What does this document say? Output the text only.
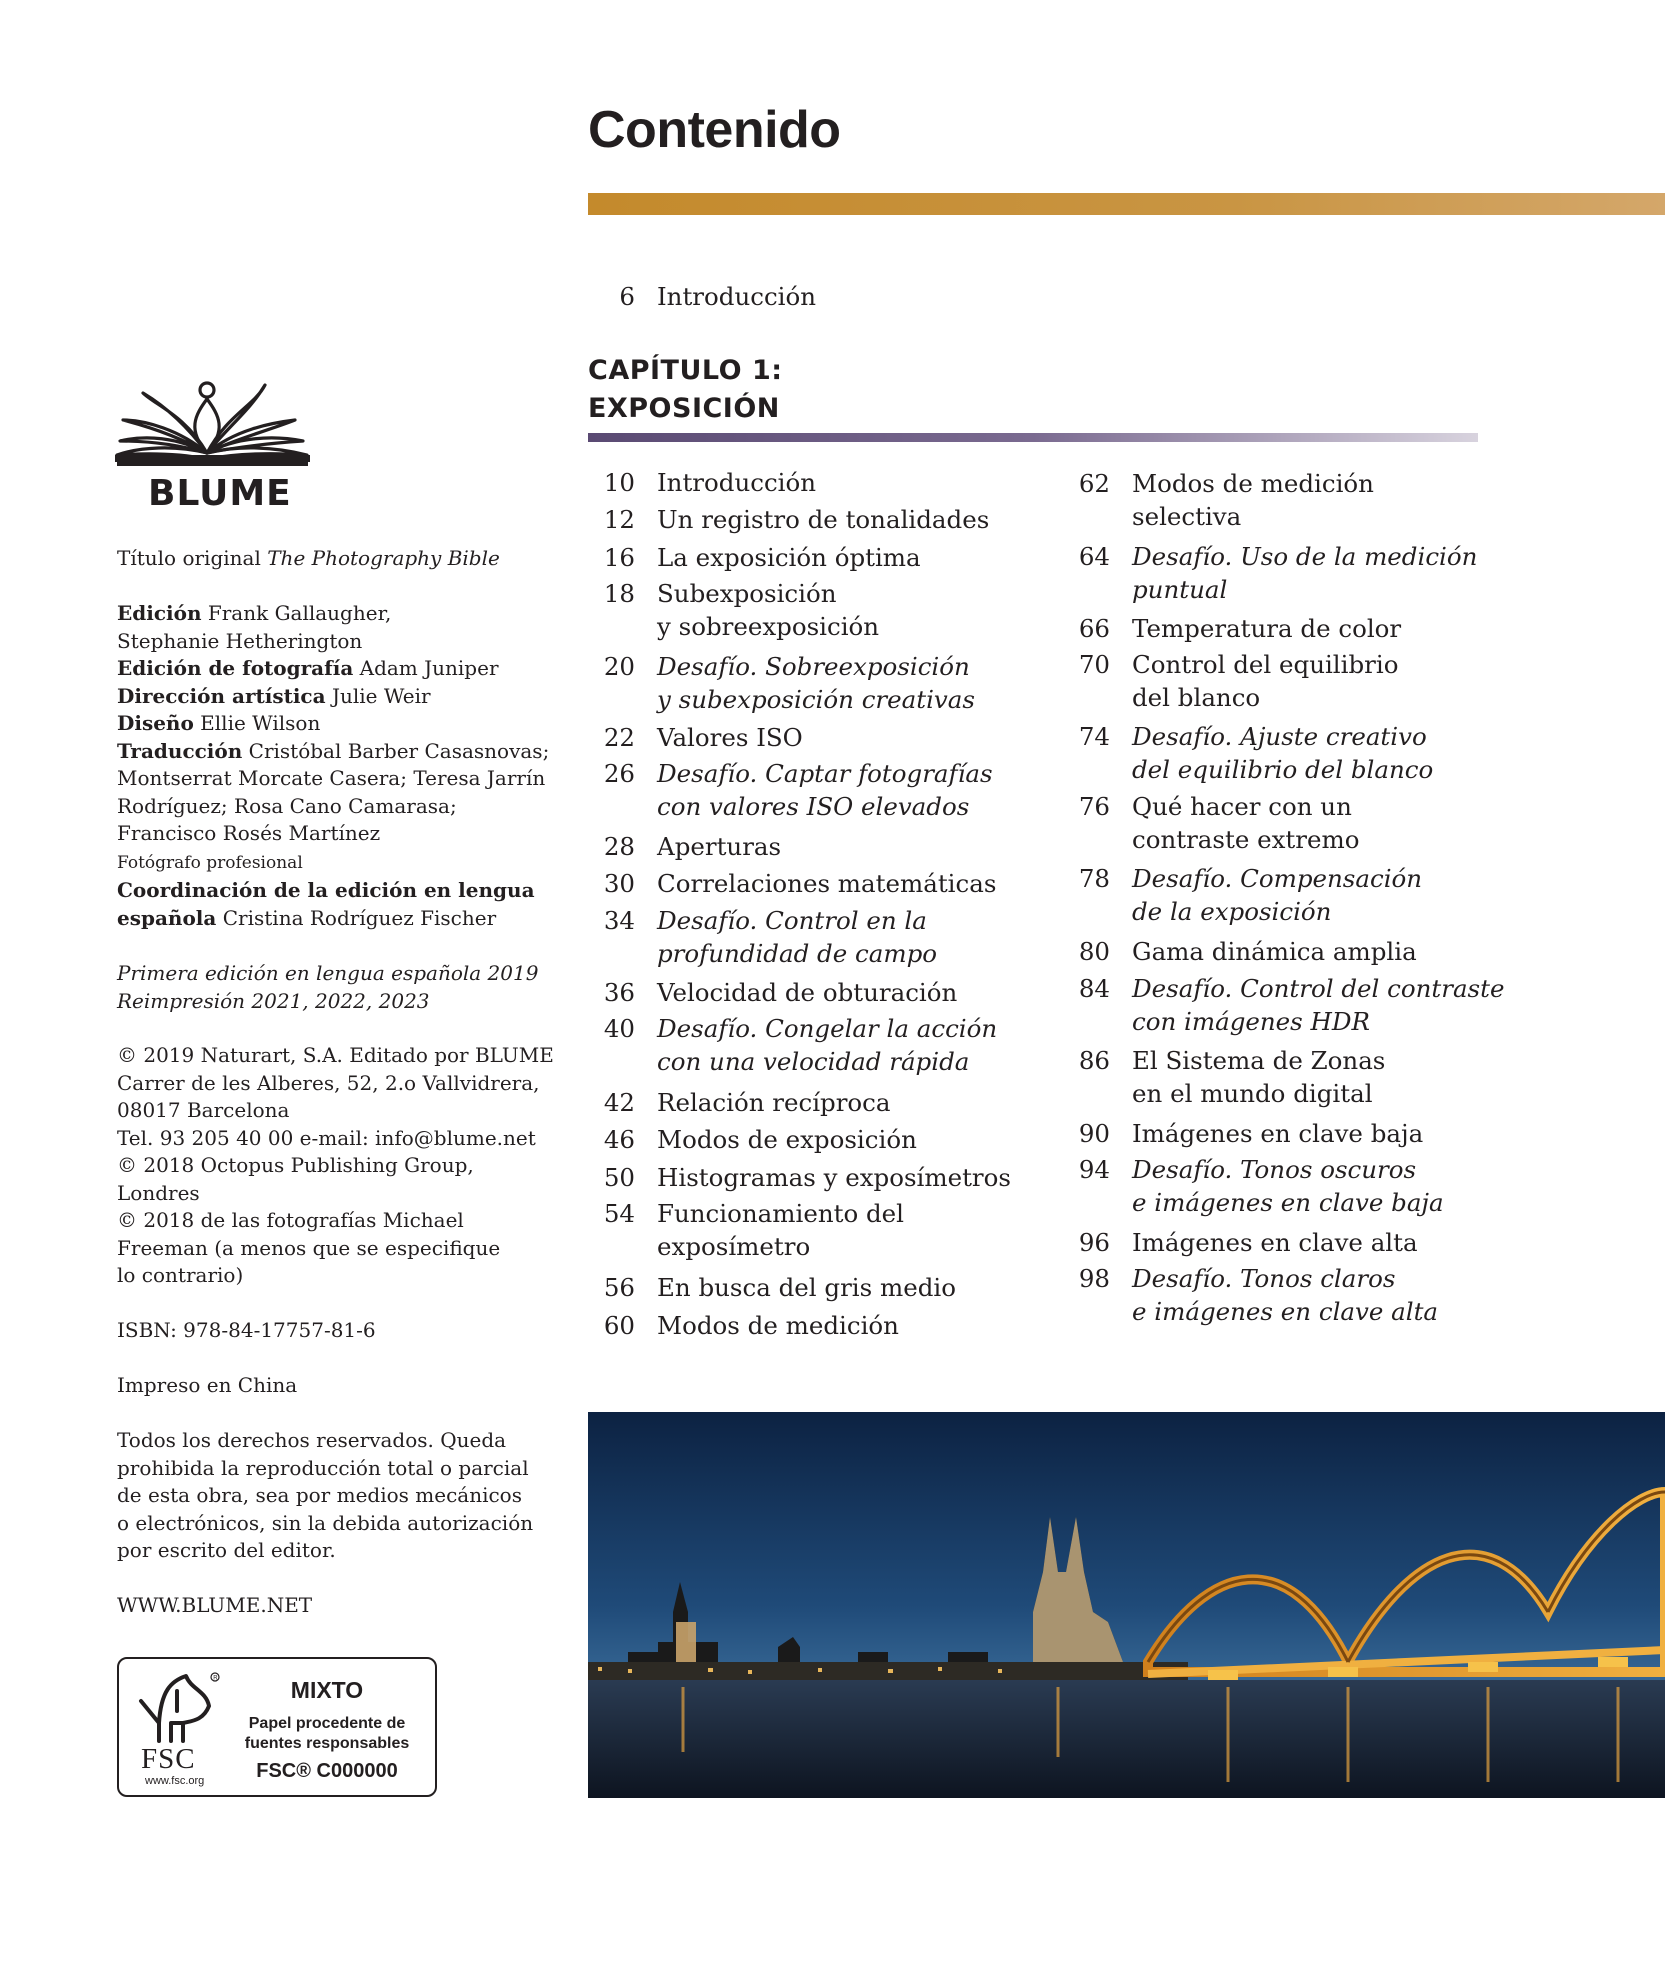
Contenido
6 Introducción
CAPÍTULO 1:
EXPOSICIÓN
10 Introducción
12 Un registro de tonalidades
16 La exposición óptima
18 Subexposición
y sobreexposición
20 Desafío. Sobreexposición
y subexposición creativas
22 Valores ISO
26 Desafío. Captar fotografías
con valores ISO elevados
28 Aperturas
30 Correlaciones matemáticas
34 Desafío. Control en la
profundidad de campo
36 Velocidad de obturación
40 Desafío. Congelar la acción
con una velocidad rápida
42 Relación recíproca
46 Modos de exposición
50 Histogramas y exposímetros
54 Funcionamiento del
exposímetro
56 En busca del gris medio
60 Modos de medición
62 Modos de medición
selectiva
64 Desafío. Uso de la medición
puntual
66 Temperatura de color
70 Control del equilibrio
del blanco
74 Desafío. Ajuste creativo
del equilibrio del blanco
76 Qué hacer con un
contraste extremo
78 Desafío. Compensación
de la exposición
80 Gama dinámica amplia
84 Desafío. Control del contraste
con imágenes HDR
86 El Sistema de Zonas
en el mundo digital
90 Imágenes en clave baja
94 Desafío. Tonos oscuros
e imágenes en clave baja
96 Imágenes en clave alta
98 Desafío. Tonos claros
e imágenes en clave alta
BLUME
Título original The Photography Bible
Edición Frank Gallaugher,
Stephanie Hetherington
Edición de fotografía Adam Juniper
Dirección artística Julie Weir
Diseño Ellie Wilson
Traducción Cristóbal Barber Casasnovas;
Montserrat Morcate Casera; Teresa Jarrín
Rodríguez; Rosa Cano Camarasa;
Francisco Rosés Martínez
Fotógrafo profesional
Coordinación de la edición en lengua
española Cristina Rodríguez Fischer
Primera edición en lengua española 2019
Reimpresión 2021, 2022, 2023
© 2019 Naturart, S.A. Editado por BLUME
Carrer de les Alberes, 52, 2.o Vallvidrera,
08017 Barcelona
Tel. 93 205 40 00 e-mail: info@blume.net
© 2018 Octopus Publishing Group,
Londres
© 2018 de las fotografías Michael
Freeman (a menos que se especifique
lo contrario)
ISBN: 978-84-17757-81-6
Impreso en China
Todos los derechos reservados. Queda
prohibida la reproducción total o parcial
de esta obra, sea por medios mecánicos
o electrónicos, sin la debida autorización
por escrito del editor.
WWW.BLUME.NET
R
FSC
www.fsc.org
MIXTO
Papel procedente de
fuentes responsables
FSC® C000000
